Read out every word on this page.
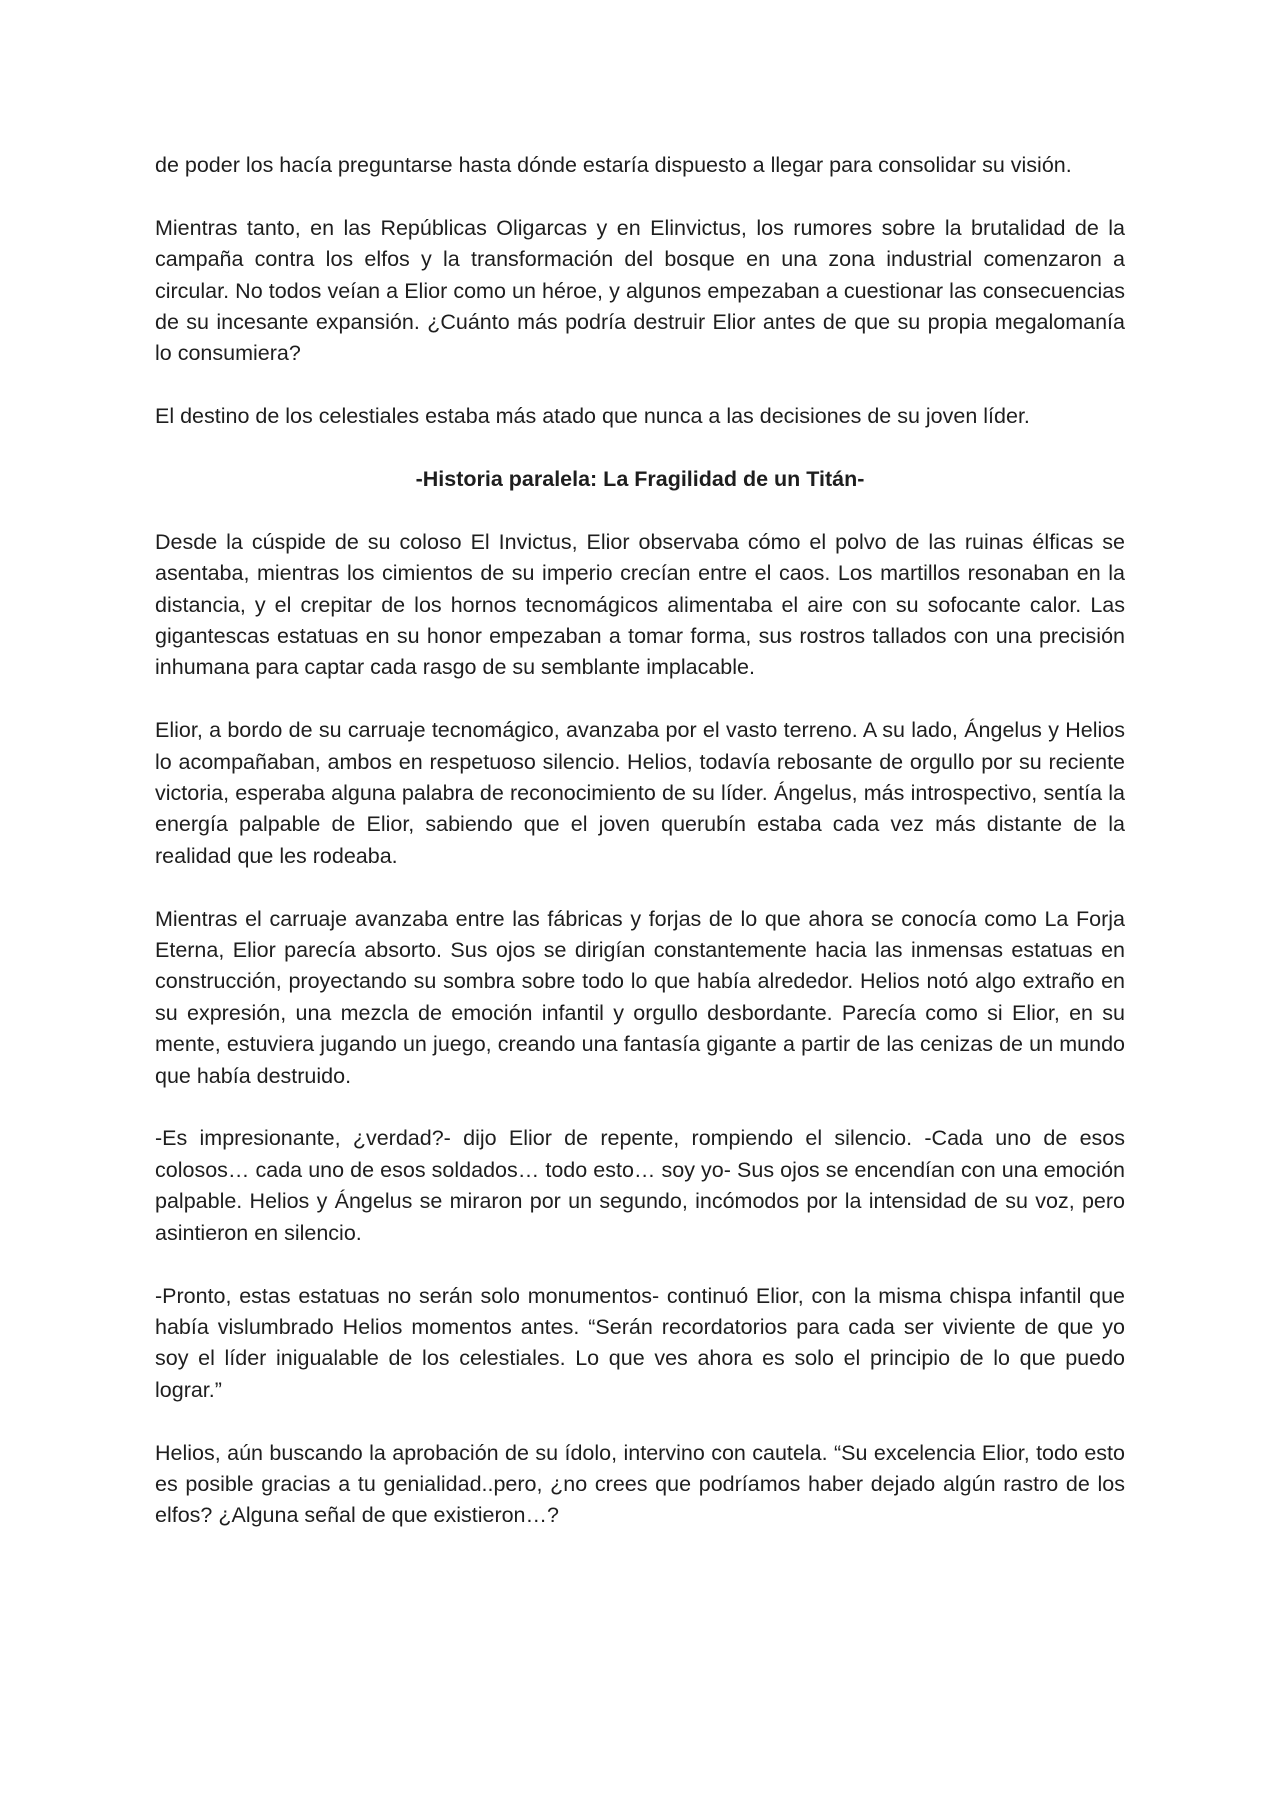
de poder los hacía preguntarse hasta dónde estaría dispuesto a llegar para consolidar su visión.

Mientras tanto, en las Repúblicas Oligarcas y en Elinvictus, los rumores sobre la brutalidad de la campaña contra los elfos y la transformación del bosque en una zona industrial comenzaron a circular. No todos veían a Elior como un héroe, y algunos empezaban a cuestionar las consecuencias de su incesante expansión. ¿Cuánto más podría destruir Elior antes de que su propia megalomanía lo consumiera?

El destino de los celestiales estaba más atado que nunca a las decisiones de su joven líder.

-Historia paralela: La Fragilidad de un Titán-

Desde la cúspide de su coloso El Invictus, Elior observaba cómo el polvo de las ruinas élficas se asentaba, mientras los cimientos de su imperio crecían entre el caos. Los martillos resonaban en la distancia, y el crepitar de los hornos tecnomágicos alimentaba el aire con su sofocante calor. Las gigantescas estatuas en su honor empezaban a tomar forma, sus rostros tallados con una precisión inhumana para captar cada rasgo de su semblante implacable.

Elior, a bordo de su carruaje tecnomágico, avanzaba por el vasto terreno. A su lado, Ángelus y Helios lo acompañaban, ambos en respetuoso silencio. Helios, todavía rebosante de orgullo por su reciente victoria, esperaba alguna palabra de reconocimiento de su líder. Ángelus, más introspectivo, sentía la energía palpable de Elior, sabiendo que el joven querubín estaba cada vez más distante de la realidad que les rodeaba.

Mientras el carruaje avanzaba entre las fábricas y forjas de lo que ahora se conocía como La Forja Eterna, Elior parecía absorto. Sus ojos se dirigían constantemente hacia las inmensas estatuas en construcción, proyectando su sombra sobre todo lo que había alrededor. Helios notó algo extraño en su expresión, una mezcla de emoción infantil y orgullo desbordante. Parecía como si Elior, en su mente, estuviera jugando un juego, creando una fantasía gigante a partir de las cenizas de un mundo que había destruido.

-Es impresionante, ¿verdad?- dijo Elior de repente, rompiendo el silencio. -Cada uno de esos colosos… cada uno de esos soldados… todo esto… soy yo- Sus ojos se encendían con una emoción palpable. Helios y Ángelus se miraron por un segundo, incómodos por la intensidad de su voz, pero asintieron en silencio.

-Pronto, estas estatuas no serán solo monumentos- continuó Elior, con la misma chispa infantil que había vislumbrado Helios momentos antes. “Serán recordatorios para cada ser viviente de que yo soy el líder inigualable de los celestiales. Lo que ves ahora es solo el principio de lo que puedo lograr.”

Helios, aún buscando la aprobación de su ídolo, intervino con cautela. “Su excelencia Elior, todo esto es posible gracias a tu genialidad..pero, ¿no crees que podríamos haber dejado algún rastro de los elfos? ¿Alguna señal de que existieron…?
